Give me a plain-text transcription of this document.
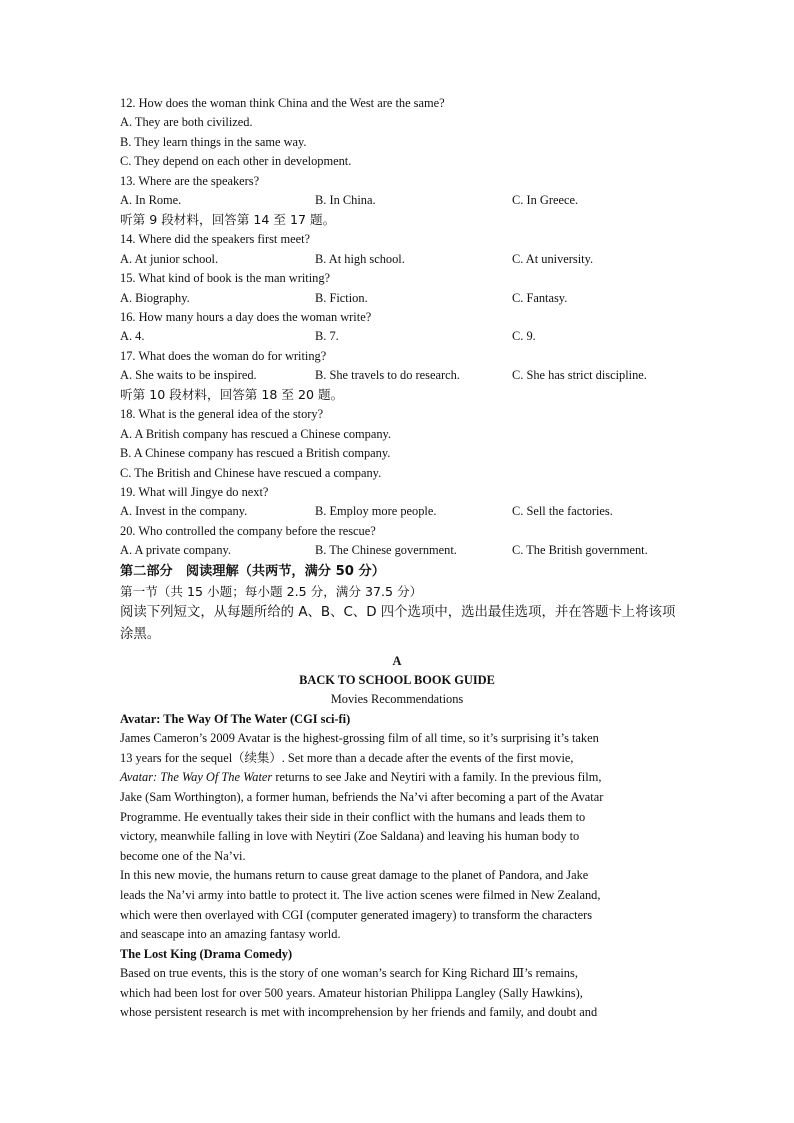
12. How does the woman think China and the West are the same?
A. They are both civilized.
B. They learn things in the same way.
C. They depend on each other in development.
13. Where are the speakers?
A. In Rome.	B. In China.	C. In Greece.
听第 9 段材料，回答第 14 至 17 题。
14. Where did the speakers first meet?
A. At junior school.	B. At high school.	C. At university.
15. What kind of book is the man writing?
A. Biography.	B. Fiction.	C. Fantasy.
16. How many hours a day does the woman write?
A. 4.	B. 7.	C. 9.
17. What does the woman do for writing?
A. She waits to be inspired.	B. She travels to do research.	C. She has strict discipline.
听第 10 段材料，回答第 18 至 20 题。
18. What is the general idea of the story?
A. A British company has rescued a Chinese company.
B. A Chinese company has rescued a British company.
C. The British and Chinese have rescued a company.
19. What will Jingye do next?
A. Invest in the company.	B. Employ more people.	C. Sell the factories.
20. Who controlled the company before the rescue?
A. A private company.	B. The Chinese government.	C. The British government.
第二部分　阅读理解（共两节，满分 50 分）
第一节（共 15 小题；每小题 2.5 分，满分 37.5 分）
阅读下列短文，从每题所给的 A、B、C、D 四个选项中，选出最佳选项，并在答题卡上将该项涂黑。
A
BACK TO SCHOOL BOOK GUIDE
Movies Recommendations
Avatar: The Way Of The Water (CGI sci-fi)
James Cameron’s 2009 Avatar is the highest-grossing film of all time, so it’s surprising it’s taken
13 years for the sequel（续集）. Set more than a decade after the events of the first movie,
Avatar: The Way Of The Water returns to see Jake and Neytiri with a family. In the previous film,
Jake (Sam Worthington), a former human, befriends the Na’vi after becoming a part of the Avatar
Programme. He eventually takes their side in their conflict with the humans and leads them to
victory, meanwhile falling in love with Neytiri (Zoe Saldana) and leaving his human body to
become one of the Na’vi.
In this new movie, the humans return to cause great damage to the planet of Pandora, and Jake
leads the Na’vi army into battle to protect it. The live action scenes were filmed in New Zealand,
which were then overlayed with CGI (computer generated imagery) to transform the characters
and seascape into an amazing fantasy world.
The Lost King (Drama Comedy)
Based on true events, this is the story of one woman’s search for King Richard Ⅲ’s remains,
which had been lost for over 500 years. Amateur historian Philippa Langley (Sally Hawkins),
whose persistent research is met with incomprehension by her friends and family, and doubt and
